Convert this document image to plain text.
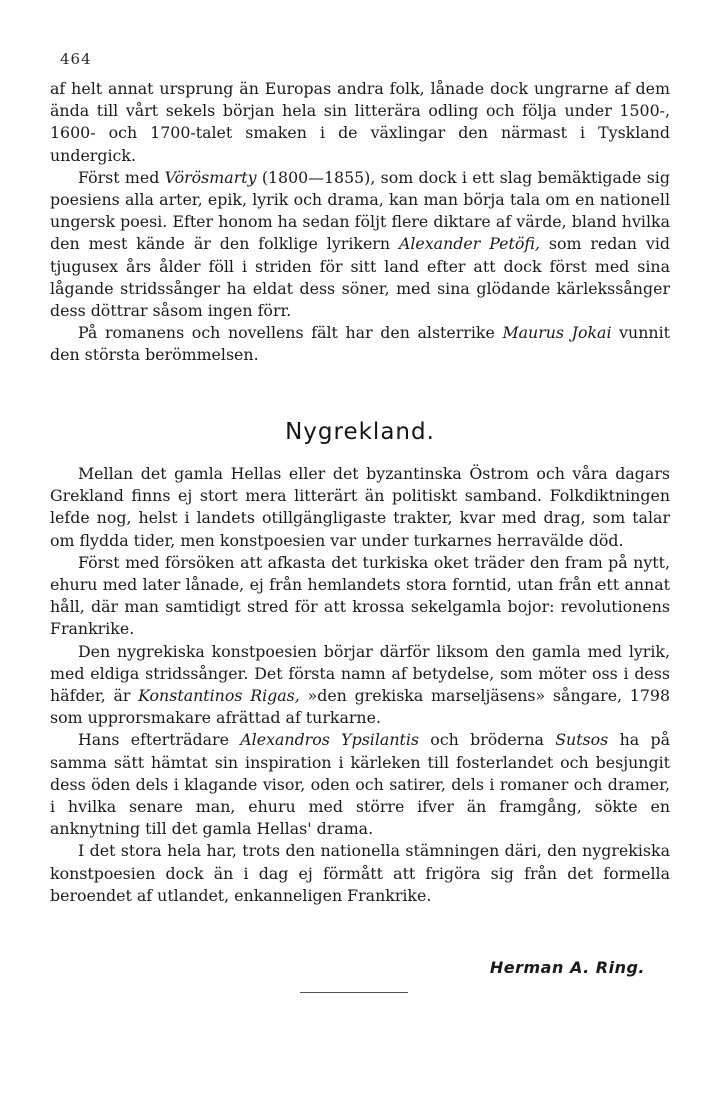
464

af helt annat ursprung än Europas andra folk, lånade dock ungrarne af dem ända till vårt sekels början hela sin litterära odling och följa under 1500-, 1600- och 1700-talet smaken i de växlingar den närmast i Tyskland undergick.

Först med Vörösmarty (1800—1855), som dock i ett slag bemäktigade sig poesiens alla arter, epik, lyrik och drama, kan man börja tala om en nationell ungersk poesi. Efter honom ha sedan följt flere diktare af värde, bland hvilka den mest kände är den folklige lyrikern Alexander Petöfi, som redan vid tjugusex års ålder föll i striden för sitt land efter att dock först med sina lågande stridssånger ha eldat dess söner, med sina glödande kärlekssånger dess döttrar såsom ingen förr.

På romanens och novellens fält har den alsterrike Maurus Jokai vunnit den största berömmelsen.

Nygrekland.

Mellan det gamla Hellas eller det byzantinska Östrom och våra dagars Grekland finns ej stort mera litterärt än politiskt samband. Folkdiktningen lefde nog, helst i landets otillgängligaste trakter, kvar med drag, som talar om flydda tider, men konstpoesien var under turkarnes herravälde död.

Först med försöken att afkasta det turkiska oket träder den fram på nytt, ehuru med later lånade, ej från hemlandets stora forntid, utan från ett annat håll, där man samtidigt stred för att krossa sekelgamla bojor: revolutionens Frankrike.

Den nygrekiska konstpoesien börjar därför liksom den gamla med lyrik, med eldiga stridssånger. Det första namn af betydelse, som möter oss i dess häfder, är Konstantinos Rigas, »den grekiska marseljäsens» sångare, 1798 som upprorsmakare afrättad af turkarne.

Hans efterträdare Alexandros Ypsilantis och bröderna Sutsos ha på samma sätt hämtat sin inspiration i kärleken till fosterlandet och besjungit dess öden dels i klagande visor, oden och satirer, dels i romaner och dramer, i hvilka senare man, ehuru med större ifver än framgång, sökte en anknytning till det gamla Hellas' drama.

I det stora hela har, trots den nationella stämningen däri, den nygrekiska konstpoesien dock än i dag ej förmått att frigöra sig från det formella beroendet af utlandet, enkanneligen Frankrike.

Herman A. Ring.
